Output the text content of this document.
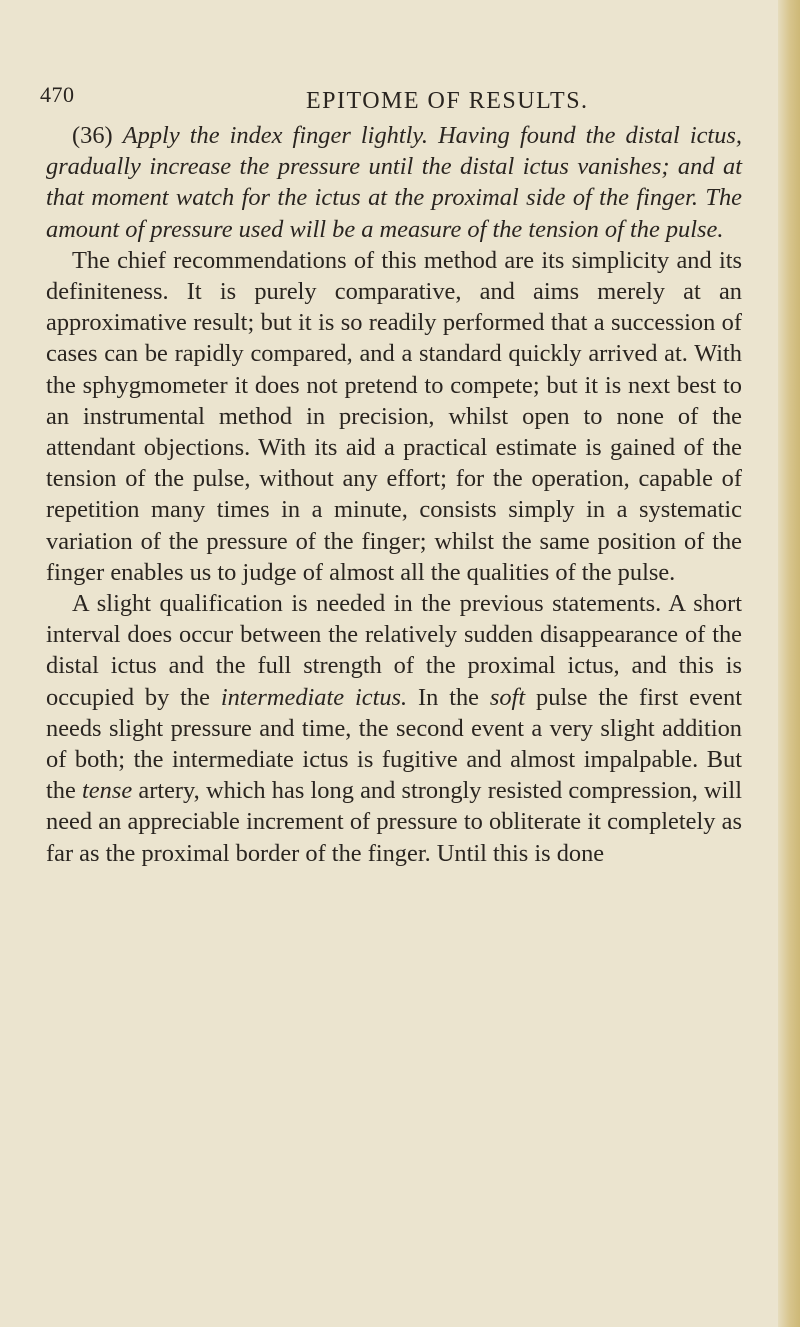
470	EPITOME OF RESULTS.

(36) Apply the index finger lightly. Having found the distal ictus, gradually increase the pressure until the distal ictus vanishes; and at that moment watch for the ictus at the proximal side of the finger. The amount of pressure used will be a measure of the tension of the pulse.

The chief recommendations of this method are its simplicity and its definiteness. It is purely comparative, and aims merely at an approximative result; but it is so readily performed that a succession of cases can be rapidly compared, and a standard quickly arrived at. With the sphygmometer it does not pretend to compete; but it is next best to an instrumental method in precision, whilst open to none of the attendant objections. With its aid a practical estimate is gained of the tension of the pulse, without any effort; for the operation, capable of repetition many times in a minute, consists simply in a systematic variation of the pressure of the finger; whilst the same position of the finger enables us to judge of almost all the qualities of the pulse.

A slight qualification is needed in the previous statements. A short interval does occur between the relatively sudden disappearance of the distal ictus and the full strength of the proximal ictus, and this is occupied by the intermediate ictus. In the soft pulse the first event needs slight pressure and time, the second event a very slight addition of both; the intermediate ictus is fugitive and almost impalpable. But the tense artery, which has long and strongly resisted compression, will need an appreciable increment of pressure to obliterate it completely as far as the proximal border of the finger. Until this is done
